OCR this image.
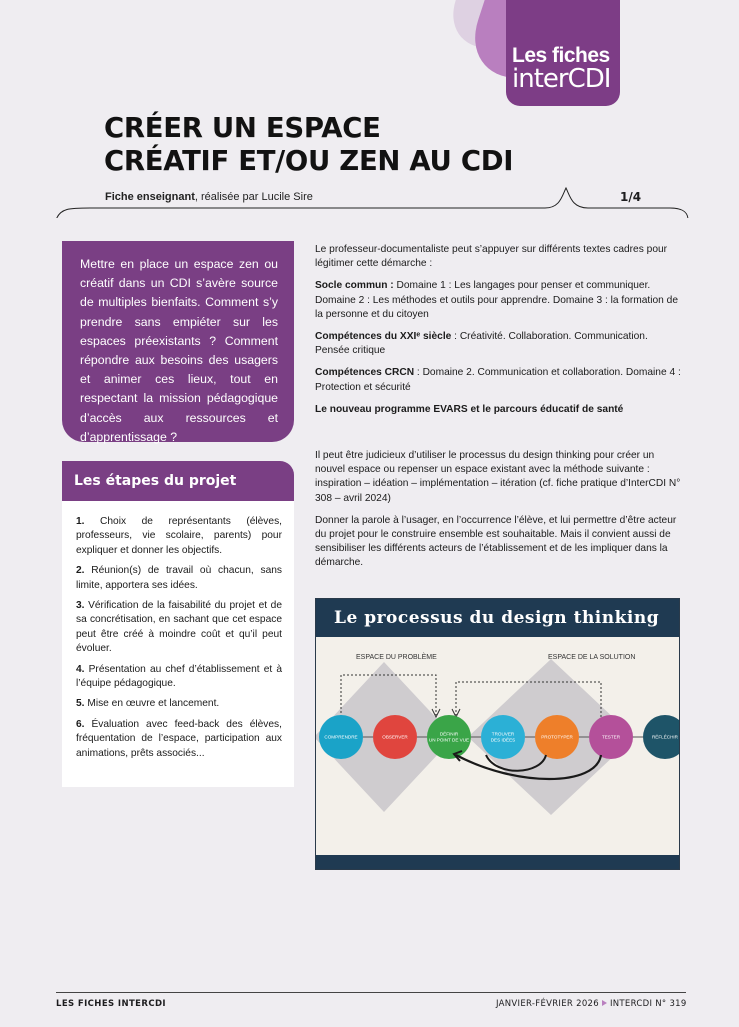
Les fiches
interCDI
CRÉER UN ESPACE
CRÉATIF ET/OU ZEN AU CDI
Fiche enseignant, réalisée par Lucile Sire	1/4

Mettre en place un espace zen ou créatif dans un CDI s’avère source de multiples bienfaits. Comment s’y prendre sans empiéter sur les espaces préexistants ? Comment répondre aux besoins des usagers et animer ces lieux, tout en respectant la mission pédagogique d’accès aux ressources et d’apprentissage ?

Les étapes du projet
1. Choix de représentants (élèves, professeurs, vie scolaire, parents) pour expliquer et donner les objectifs.
2. Réunion(s) de travail où chacun, sans limite, apportera ses idées.
3. Vérification de la faisabilité du projet et de sa concrétisation, en sachant que cet espace peut être créé à moindre coût et qu’il peut évoluer.
4. Présentation au chef d’établissement et à l’équipe pédagogique.
5. Mise en œuvre et lancement.
6. Évaluation avec feed-back des élèves, fréquentation de l’espace, participation aux animations, prêts associés...

Le professeur-documentaliste peut s’appuyer sur différents textes cadres pour légitimer cette démarche :

Socle commun : Domaine 1 : Les langages pour penser et communiquer. Domaine 2 : Les méthodes et outils pour apprendre. Domaine 3 : la formation de la personne et du citoyen

Compétences du XXIᵉ siècle : Créativité. Collaboration. Communication. Pensée critique

Compétences CRCN : Domaine 2. Communication et collaboration. Domaine 4 : Protection et sécurité

Le nouveau programme EVARS et le parcours éducatif de santé

Il peut être judicieux d’utiliser le processus du design thinking pour créer un nouvel espace ou repenser un espace existant avec la méthode suivante : inspiration – idéation – implémentation – itération (cf. fiche pratique d’InterCDI N° 308 – avril 2024)

Donner la parole à l’usager, en l’occurrence l’élève, et lui permettre d’être acteur du projet pour le construire ensemble est souhaitable. Mais il convient aussi de sensibiliser les différents acteurs de l’établissement et de les impliquer dans la démarche.

Le processus du design thinking
ESPACE DU PROBLÈME	ESPACE DE LA SOLUTION
COMPRENDRE	OBSERVER
DÉFINIR UN POINT DE VUE
TROUVER DES IDÉES
PROTOTYPER	TESTER	RÉFLÉCHIR
LES FICHES INTERCDI	JANVIER-FÉVRIER 2026 INTERCDI N° 319
